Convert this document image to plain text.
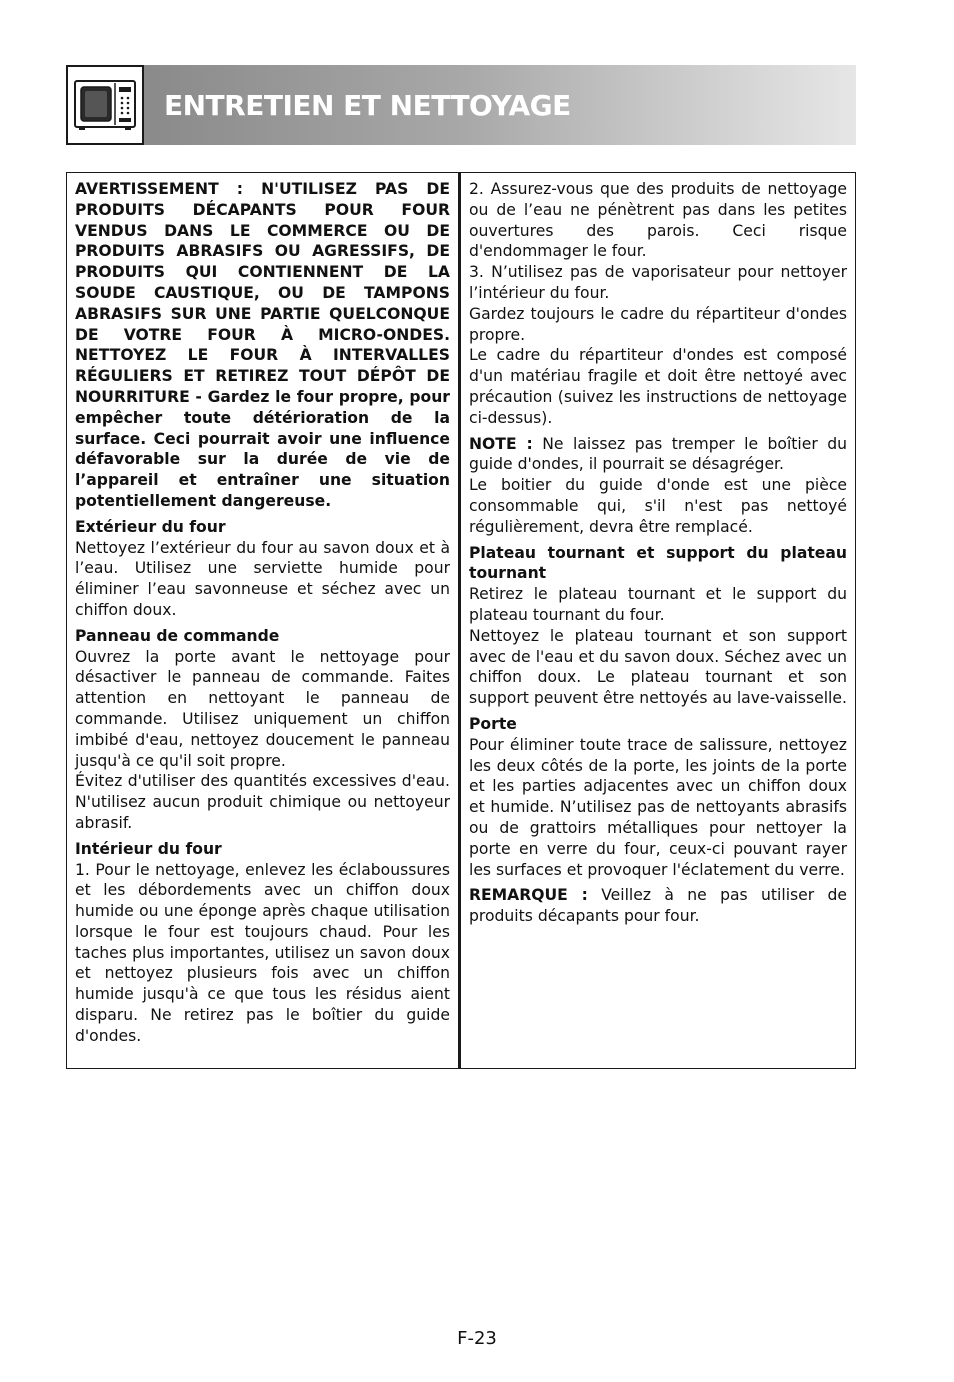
ENTRETIEN ET NETTOYAGE

AVERTISSEMENT : N'UTILISEZ PAS DE PRODUITS DÉCAPANTS POUR FOUR VENDUS DANS LE COMMERCE OU DE PRODUITS ABRASIFS OU AGRESSIFS, DE PRODUITS QUI CONTIENNENT DE LA SOUDE CAUSTIQUE, OU DE TAMPONS ABRASIFS SUR UNE PARTIE QUELCONQUE DE VOTRE FOUR À MICRO-ONDES. NETTOYEZ LE FOUR À INTERVALLES RÉGULIERS ET RETIREZ TOUT DÉPÔT DE NOURRITURE - Gardez le four propre, pour empêcher toute détérioration de la surface. Ceci pourrait avoir une influence défavorable sur la durée de vie de l’appareil et entraîner une situation potentiellement dangereuse.

Extérieur du four
Nettoyez l’extérieur du four au savon doux et à l’eau. Utilisez une serviette humide pour éliminer l’eau savonneuse et séchez avec un chiffon doux.

Panneau de commande
Ouvrez la porte avant le nettoyage pour désactiver le panneau de commande. Faites attention en nettoyant le panneau de commande. Utilisez uniquement un chiffon imbibé d'eau, nettoyez doucement le panneau jusqu'à ce qu'il soit propre.

Évitez d'utiliser des quantités excessives d'eau. N'utilisez aucun produit chimique ou nettoyeur abrasif.

Intérieur du four
1. Pour le nettoyage, enlevez les éclaboussures et les débordements avec un chiffon doux humide ou une éponge après chaque utilisation lorsque le four est toujours chaud. Pour les taches plus importantes, utilisez un savon doux et nettoyez plusieurs fois avec un chiffon humide jusqu'à ce que tous les résidus aient disparu. Ne retirez pas le boîtier du guide d'ondes.

2. Assurez-vous que des produits de nettoyage ou de l’eau ne pénètrent pas dans les petites ouvertures des parois. Ceci risque d'endommager le four.

3. N’utilisez pas de vaporisateur pour nettoyer l’intérieur du four.

Gardez toujours le cadre du répartiteur d'ondes propre.

Le cadre du répartiteur d'ondes est composé d'un matériau fragile et doit être nettoyé avec précaution (suivez les instructions de nettoyage ci-dessus).

NOTE : Ne laissez pas tremper le boîtier du guide d'ondes, il pourrait se désagréger.

Le boitier du guide d'onde est une pièce consommable qui, s'il n'est pas nettoyé régulièrement, devra être remplacé.

Plateau tournant et support du plateau tournant
Retirez le plateau tournant et le support du plateau tournant du four.

Nettoyez le plateau tournant et son support avec de l'eau et du savon doux. Séchez avec un chiffon doux. Le plateau tournant et son support peuvent être nettoyés au lave-vaisselle.

Porte
Pour éliminer toute trace de salissure, nettoyez les deux côtés de la porte, les joints de la porte et les parties adjacentes avec un chiffon doux et humide. N’utilisez pas de nettoyants abrasifs ou de grattoirs métalliques pour nettoyer la porte en verre du four, ceux-ci pouvant rayer les surfaces et provoquer l'éclatement du verre.

REMARQUE : Veillez à ne pas utiliser de produits décapants pour four.

F-23
